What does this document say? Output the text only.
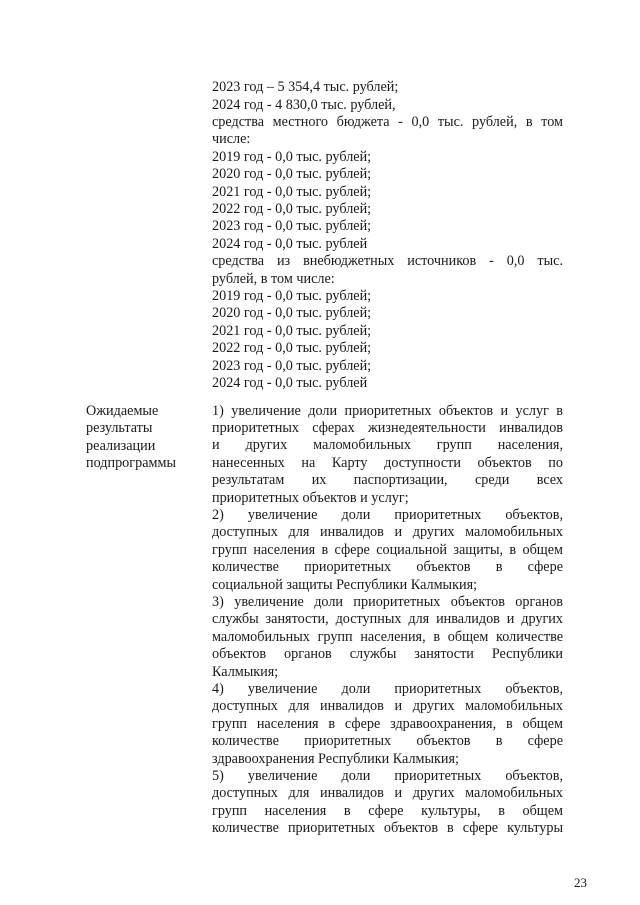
2023 год – 5 354,4 тыс. рублей;
2024 год - 4 830,0 тыс. рублей,
средства местного бюджета - 0,0 тыс. рублей, в том
числе:
2019 год - 0,0 тыс. рублей;
2020 год - 0,0 тыс. рублей;
2021 год - 0,0 тыс. рублей;
2022 год - 0,0 тыс. рублей;
2023 год - 0,0 тыс. рублей;
2024 год - 0,0 тыс. рублей
средства из внебюджетных источников - 0,0 тыс.
рублей, в том числе:
2019 год - 0,0 тыс. рублей;
2020 год - 0,0 тыс. рублей;
2021 год - 0,0 тыс. рублей;
2022 год - 0,0 тыс. рублей;
2023 год - 0,0 тыс. рублей;
2024 год - 0,0 тыс. рублей
Ожидаемые
результаты
реализации
подпрограммы
1) увеличение доли приоритетных объектов и услуг в
приоритетных сферах жизнедеятельности инвалидов
и других маломобильных групп населения,
нанесенных на Карту доступности объектов по
результатам их паспортизации, среди всех
приоритетных объектов и услуг;
2) увеличение доли приоритетных объектов,
доступных для инвалидов и других маломобильных
групп населения в сфере социальной защиты, в общем
количестве приоритетных объектов в сфере
социальной защиты Республики Калмыкия;
3) увеличение доли приоритетных объектов органов
службы занятости, доступных для инвалидов и других
маломобильных групп населения, в общем количестве
объектов органов службы занятости Республики
Калмыкия;
4) увеличение доли приоритетных объектов,
доступных для инвалидов и других маломобильных
групп населения в сфере здравоохранения, в общем
количестве приоритетных объектов в сфере
здравоохранения Республики Калмыкия;
5) увеличение доли приоритетных объектов,
доступных для инвалидов и других маломобильных
групп населения в сфере культуры, в общем
количестве приоритетных объектов в сфере культуры
23
